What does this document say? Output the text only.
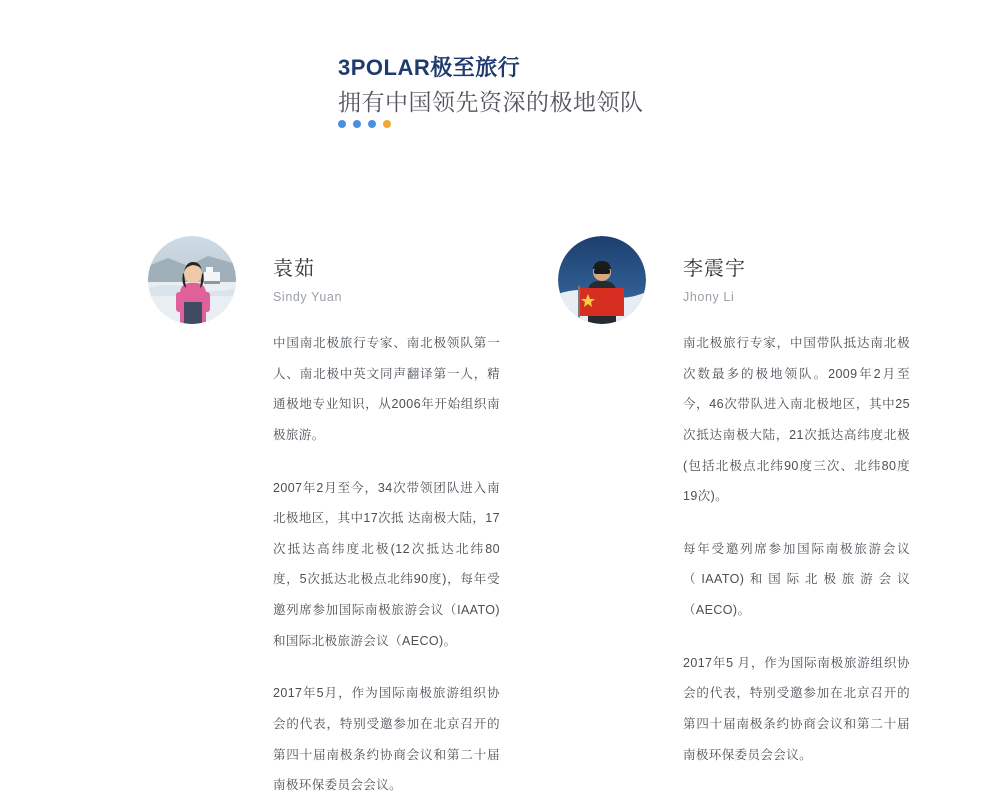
3POLAR极至旅行
拥有中国领先资深的极地领队
袁茹
Sindy Yuan

中国南北极旅行专家、南北极领队第一人、南北极中英文同声翻译第一人，精通极地专业知识，从2006年开始组织南极旅游。

2007年2月至今，34次带领团队进入南北极地区，其中17次抵 达南极大陆，17次抵达高纬度北极(12次抵达北纬80度，5次抵达北极点北纬90度)，每年受邀列席参加国际南极旅游会议（IAATO)和国际北极旅游会议（AECO)。

2017年5月，作为国际南极旅游组织协会的代表，特别受邀参加在北京召开的第四十届南极条约协商会议和第二十届南极环保委员会会议。

李震宇
Jhony Li

南北极旅行专家，中国带队抵达南北极次数最多的极地领队。2009年2月至今，46次带队进入南北极地区，其中25次抵达南极大陆，21次抵达高纬度北极(包括北极点北纬90度三次、北纬80度19次)。

每年受邀列席参加国际南极旅游会议（IAATO)和国际北极旅游会议（AECO)。

2017年5 月，作为国际南极旅游组织协会的代表，特别受邀参加在北京召开的第四十届南极条约协商会议和第二十届南极环保委员会会议。
